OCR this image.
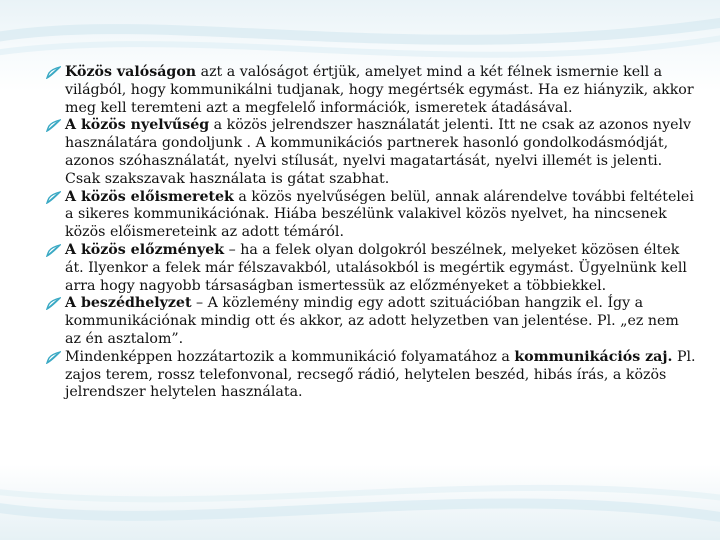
Közös valóságon azt a valóságot értjük, amelyet mind a két félnek ismernie kell a világból, hogy kommunikálni tudjanak, hogy megértsék egymást. Ha ez hiányzik, akkor meg kell teremteni azt a megfelelő információk, ismeretek átadásával.
A közös nyelvűség a közös jelrendszer használatát jelenti. Itt ne csak az azonos nyelv használatára gondoljunk . A kommunikációs partnerek hasonló gondolkodásmódját, azonos szóhasználatát, nyelvi stílusát, nyelvi magatartását, nyelvi illemét is jelenti. Csak szakszavak használata is gátat szabhat.
A közös előismeretek a közös nyelvűségen belül, annak alárendelve további feltételei a sikeres kommunikációnak. Hiába beszélünk valakivel közös nyelvet, ha nincsenek közös előismereteink az adott témáról.
A közös előzmények – ha a felek olyan dolgokról beszélnek, melyeket közösen éltek át. Ilyenkor a felek már félszavakból, utalásokból is megértik egymást. Ügyelnünk kell arra hogy nagyobb társaságban ismertessük az előzményeket a többiekkel.
A beszédhelyzet – A közlemény mindig egy adott szituációban hangzik el. Így a kommunikációnak mindig ott és akkor, az adott helyzetben van jelentése. Pl. „ez nem az én asztalom”.
Mindenképpen hozzátartozik a kommunikáció folyamatához a kommunikációs zaj. Pl. zajos terem, rossz telefonvonal, recsegő rádió, helytelen beszéd, hibás írás, a közös jelrendszer helytelen használata.
